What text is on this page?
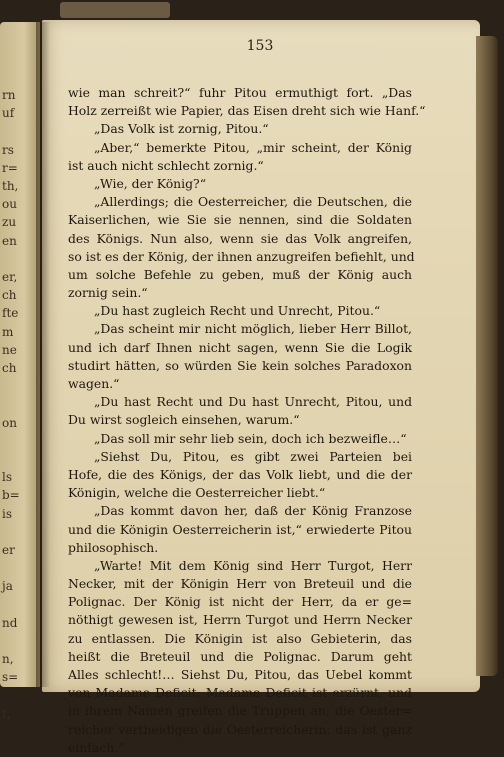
rn
uf
rs
r=
th,
ou
zu
en
er,
ch
fte
m
ne
ch
on
ls
b=
is
er
ja
nd
n,
s=
t,
153
wie man schreit?“ fuhr Pitou ermuthigt fort. „Das
Holz zerreißt wie Papier, das Eisen dreht sich wie Hanf.“
„Das Volk ist zornig, Pitou.“
„Aber,“ bemerkte Pitou, „mir scheint, der König
ist auch nicht schlecht zornig.“
„Wie, der König?“
„Allerdings; die Oesterreicher, die Deutschen, die
Kaiserlichen, wie Sie sie nennen, sind die Soldaten
des Königs. Nun also, wenn sie das Volk angreifen,
so ist es der König, der ihnen anzugreifen befiehlt, und
um solche Befehle zu geben, muß der König auch
zornig sein.“
„Du hast zugleich Recht und Unrecht, Pitou.“
„Das scheint mir nicht möglich, lieber Herr Billot,
und ich darf Ihnen nicht sagen, wenn Sie die Logik
studirt hätten, so würden Sie kein solches Paradoxon
wagen.“
„Du hast Recht und Du hast Unrecht, Pitou, und
Du wirst sogleich einsehen, warum.“
„Das soll mir sehr lieb sein, doch ich bezweifle…“
„Siehst Du, Pitou, es gibt zwei Parteien bei
Hofe, die des Königs, der das Volk liebt, und die der
Königin, welche die Oesterreicher liebt.“
„Das kommt davon her, daß der König Franzose
und die Königin Oesterreicherin ist,“ erwiederte Pitou
philosophisch.
„Warte! Mit dem König sind Herr Turgot, Herr
Necker, mit der Königin Herr von Breteuil und die
Polignac. Der König ist nicht der Herr, da er ge=
nöthigt gewesen ist, Herrn Turgot und Herrn Necker
zu entlassen. Die Königin ist also Gebieterin, das
heißt die Breteuil und die Polignac. Darum geht
Alles schlecht!… Siehst Du, Pitou, das Uebel kommt
von Madame Deficit; Madame Deficit ist erzürnt, und
in ihrem Namen greifen die Truppen an; die Oester=
reicher vertheidigen die Oesterreicherin: das ist ganz
einfach.“
